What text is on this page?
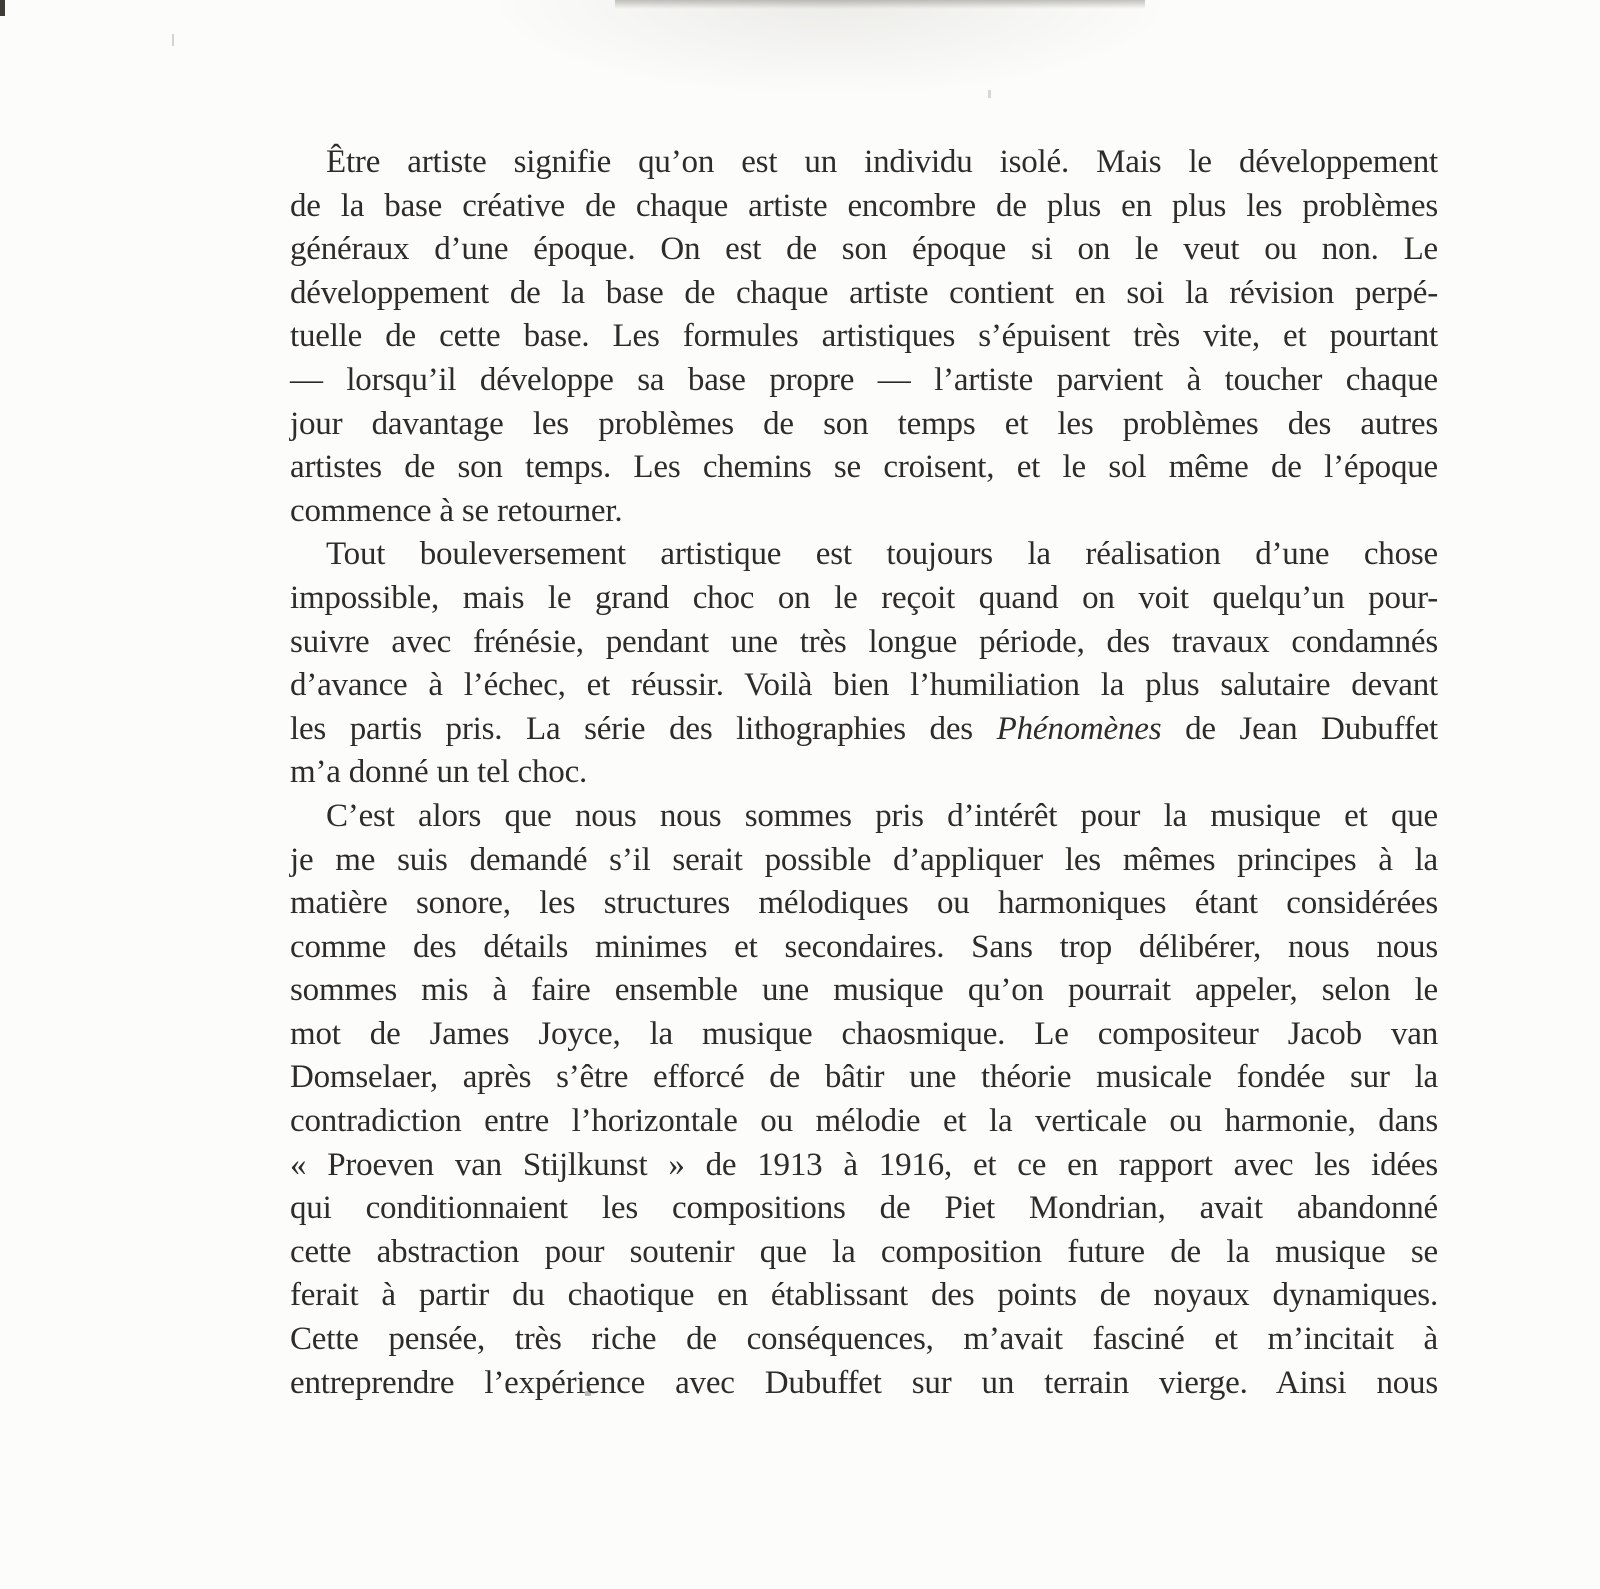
Être artiste signifie qu’on est un individu isolé. Mais le développement
de la base créative de chaque artiste encombre de plus en plus les problèmes
généraux d’une époque. On est de son époque si on le veut ou non. Le
développement de la base de chaque artiste contient en soi la révision perpé-
tuelle de cette base. Les formules artistiques s’épuisent très vite, et pourtant
— lorsqu’il développe sa base propre — l’artiste parvient à toucher chaque
jour davantage les problèmes de son temps et les problèmes des autres
artistes de son temps. Les chemins se croisent, et le sol même de l’époque
commence à se retourner.
Tout bouleversement artistique est toujours la réalisation d’une chose
impossible, mais le grand choc on le reçoit quand on voit quelqu’un pour-
suivre avec frénésie, pendant une très longue période, des travaux condamnés
d’avance à l’échec, et réussir. Voilà bien l’humiliation la plus salutaire devant
les partis pris. La série des lithographies des Phénomènes de Jean Dubuffet
m’a donné un tel choc.
C’est alors que nous nous sommes pris d’intérêt pour la musique et que
je me suis demandé s’il serait possible d’appliquer les mêmes principes à la
matière sonore, les structures mélodiques ou harmoniques étant considérées
comme des détails minimes et secondaires. Sans trop délibérer, nous nous
sommes mis à faire ensemble une musique qu’on pourrait appeler, selon le
mot de James Joyce, la musique chaosmique. Le compositeur Jacob van
Domselaer, après s’être efforcé de bâtir une théorie musicale fondée sur la
contradiction entre l’horizontale ou mélodie et la verticale ou harmonie, dans
« Proeven van Stijlkunst » de 1913 à 1916, et ce en rapport avec les idées
qui conditionnaient les compositions de Piet Mondrian, avait abandonné
cette abstraction pour soutenir que la composition future de la musique se
ferait à partir du chaotique en établissant des points de noyaux dynamiques.
Cette pensée, très riche de conséquences, m’avait fasciné et m’incitait à
entreprendre l’expérience avec Dubuffet sur un terrain vierge. Ainsi nous
